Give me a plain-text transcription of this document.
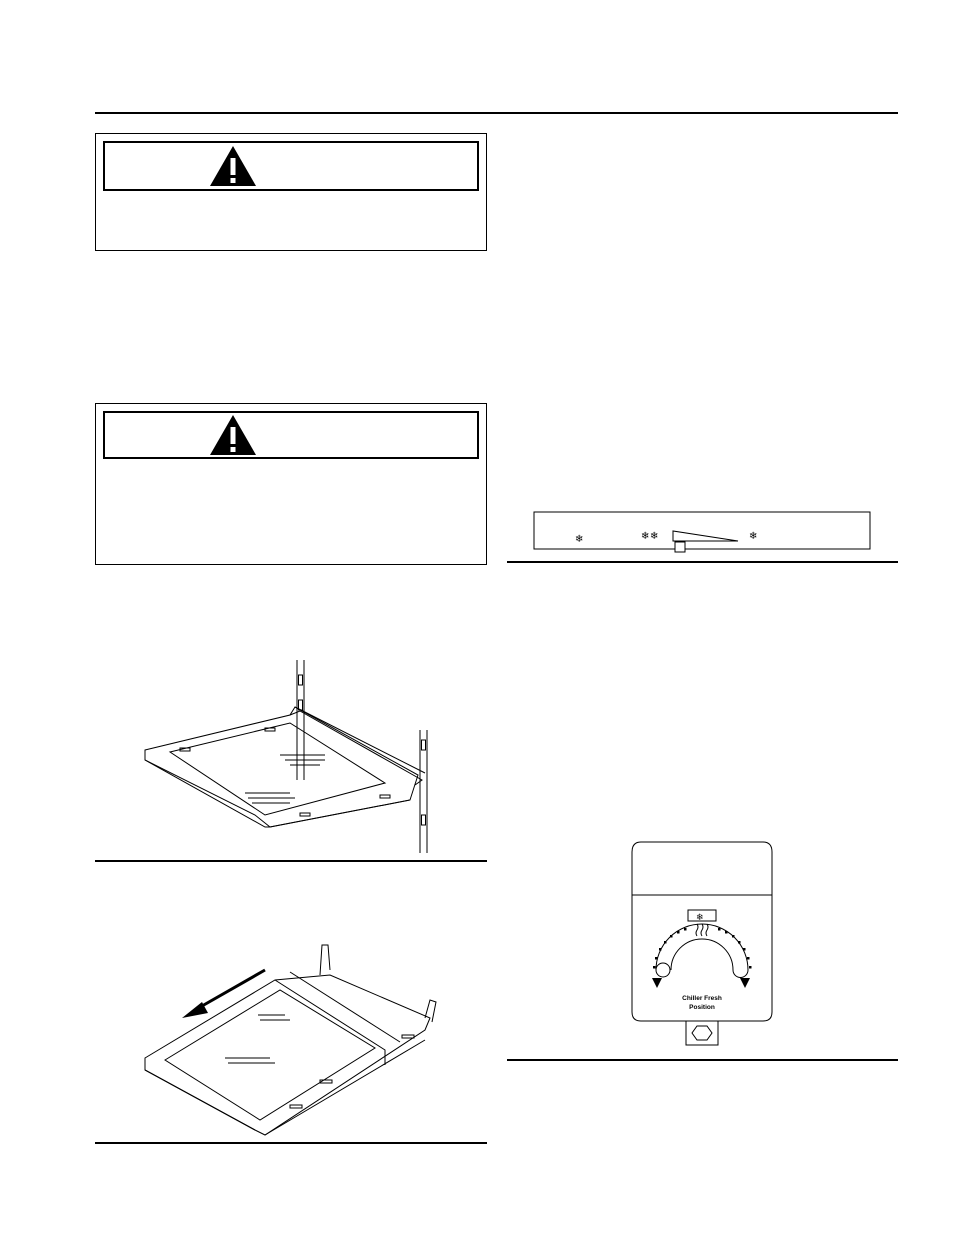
❄	❄ ❄	❄
❄
Chiller Fresh
Position
